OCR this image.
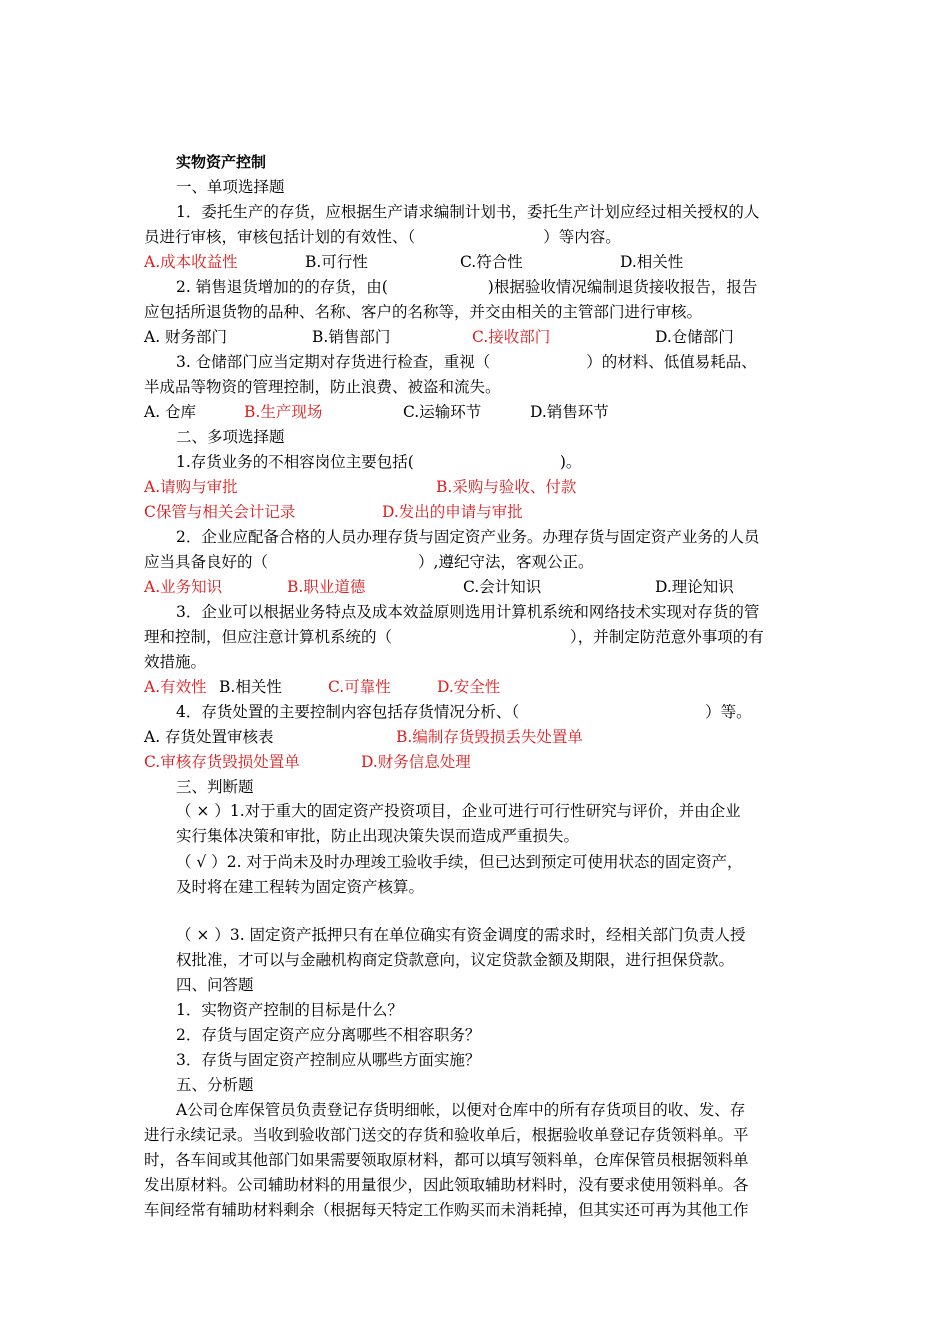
实物资产控制
一、单项选择题
1．委托生产的存货，应根据生产请求编制计划书，委托生产计划应经过相关授权的人
员进行审核，审核包括计划的有效性、（	）等内容。
A.成本收益性	B.可行性	C.符合性	D.相关性
2. 销售退货增加的的存货，由(	)根据验收情况编制退货接收报告，报告
应包括所退货物的品种、名称、客户的名称等，并交由相关的主管部门进行审核。
A. 财务部门	B.销售部门	C.接收部门	D.仓储部门
3. 仓储部门应当定期对存货进行检查，重视（	）的材料、低值易耗品、
半成品等物资的管理控制，防止浪费、被盗和流失。
A. 仓库	B.生产现场	C.运输环节	D.销售环节
二、多项选择题
1.存货业务的不相容岗位主要包括(	)。
A.请购与审批	B.采购与验收、付款
C保管与相关会计记录	D.发出的申请与审批
2．企业应配备合格的人员办理存货与固定资产业务。办理存货与固定资产业务的人员
应当具备良好的（	）,遵纪守法，客观公正。
A.业务知识	B.职业道德	C.会计知识	D.理论知识
3．企业可以根据业务特点及成本效益原则选用计算机系统和网络技术实现对存货的管
理和控制，但应注意计算机系统的（	），并制定防范意外事项的有
效措施。
A.有效性 B.相关性	C.可靠性	D.安全性
4．存货处置的主要控制内容包括存货情况分析、（	）等。
A. 存货处置审核表	B.编制存货毁损丢失处置单
C.审核存货毁损处置单	D.财务信息处理
三、判断题
（ × ）1.对于重大的固定资产投资项目，企业可进行可行性研究与评价，并由企业
实行集体决策和审批，防止出现决策失误而造成严重损失。
（ √ ）2. 对于尚未及时办理竣工验收手续，但已达到预定可使用状态的固定资产，
及时将在建工程转为固定资产核算。
（ × ）3. 固定资产抵押只有在单位确实有资金调度的需求时，经相关部门负责人授
权批准，才可以与金融机构商定贷款意向，议定贷款金额及期限，进行担保贷款。
四、问答题
1．实物资产控制的目标是什么？
2．存货与固定资产应分离哪些不相容职务？
3．存货与固定资产控制应从哪些方面实施？
五、分析题
A公司仓库保管员负责登记存货明细帐，以便对仓库中的所有存货项目的收、发、存
进行永续记录。当收到验收部门送交的存货和验收单后，根据验收单登记存货领料单。平
时，各车间或其他部门如果需要领取原材料，都可以填写领料单，仓库保管员根据领料单
发出原材料。公司辅助材料的用量很少，因此领取辅助材料时，没有要求使用领料单。各
车间经常有辅助材料剩余（根据每天特定工作购买而未消耗掉，但其实还可再为其他工作
